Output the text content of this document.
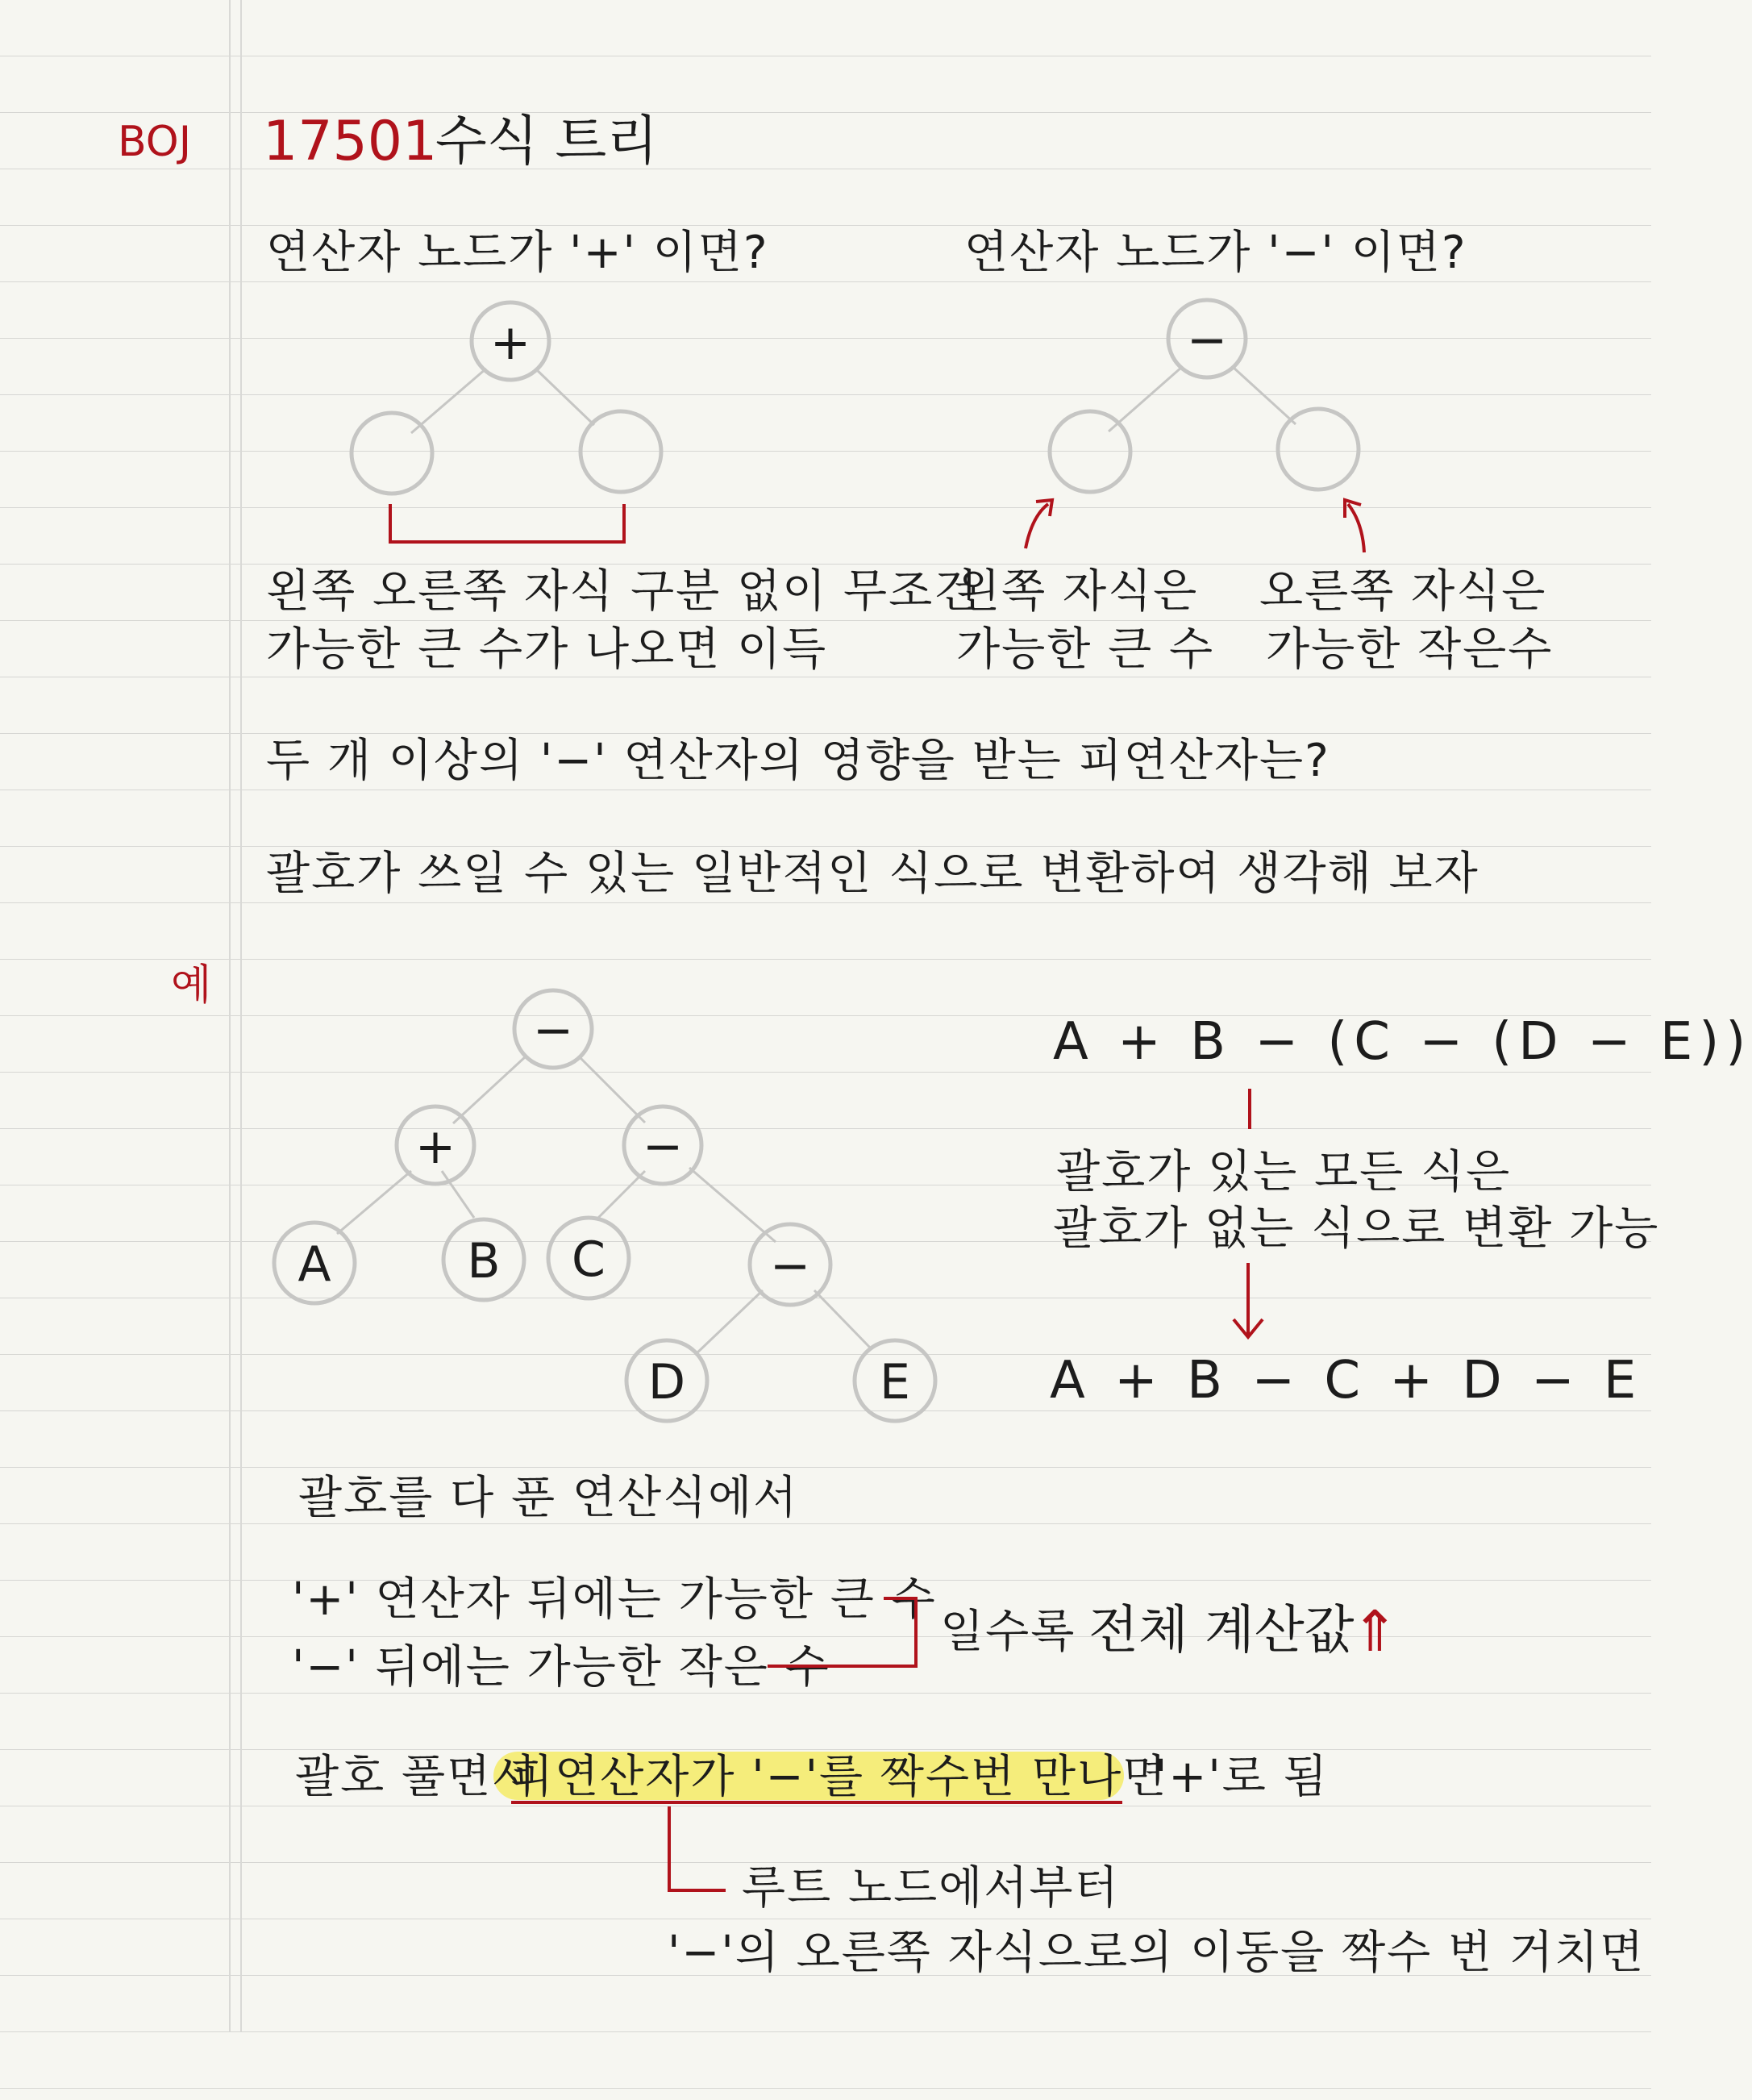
BOJ 17501
수식 트리
연산자 노드가 '+' 이면?	연산자 노드가 '−' 이면?
왼쪽 오른쪽 자식 구분 없이 무조건
가능한 큰 수가 나오면 이득
왼쪽 자식은
가능한 큰 수
오른쪽 자식은
가능한 작은수
두 개 이상의 '−' 연산자의 영향을 받는 피연산자는?
괄호가 쓰일 수 있는 일반적인 식으로 변환하여 생각해 보자
예
A + B − (C − (D − E))
괄호가 있는 모든 식은
괄호가 없는 식으로 변환 가능
A + B − C + D − E
괄호를 다 푼 연산식에서
'+' 연산자 뒤에는 가능한 큰 수
'−' 뒤에는 가능한 작은 수
일수록 전체 계산값
⇑
괄호 풀면서
피연산자가 '−'를 짝수번 만나면
'+'로 됨
루트 노드에서부터
'−'의 오른쪽 자식으로의 이동을 짝수 번 거치면
+	−
−
+	−
A	B C	−
D	E
